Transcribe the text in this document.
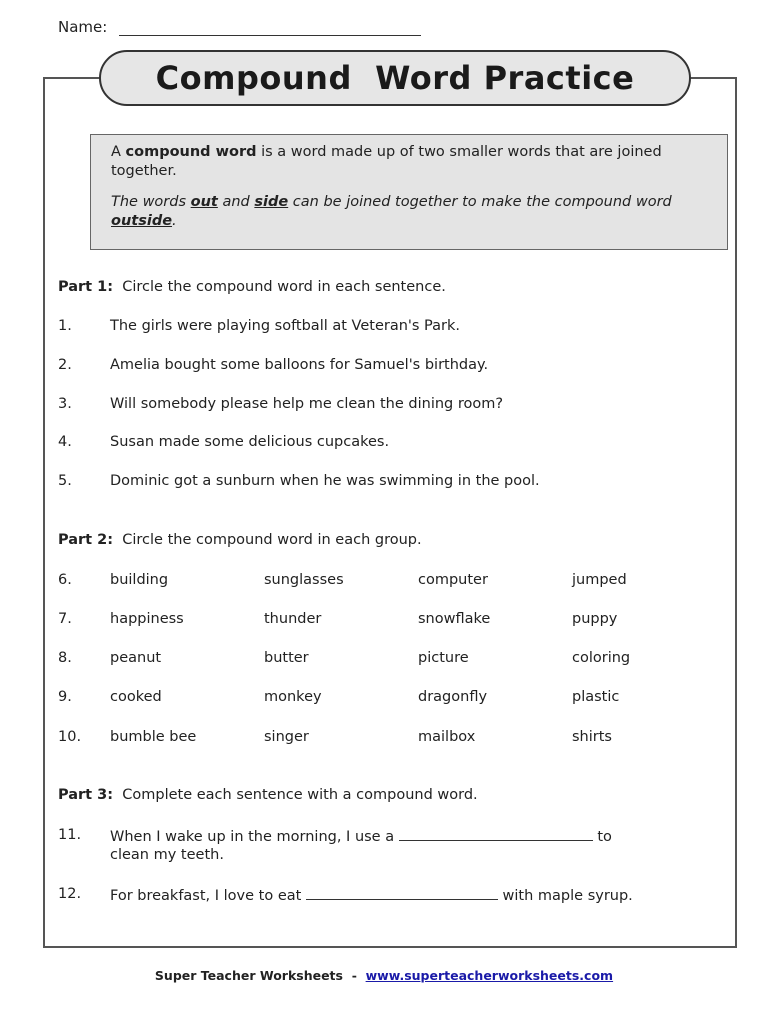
Name:
Compound  Word Practice

A compound word is a word made up of two smaller words that are joined together.

The words out and side can be joined together to make the compound word outside.

Part 1: Circle the compound word in each sentence.
1.	The girls were playing softball at Veteran's Park.
2.	Amelia bought some balloons for Samuel's birthday.
3.	Will somebody please help me clean the dining room?
4.	Susan made some delicious cupcakes.
5.	Dominic got a sunburn when he was swimming in the pool.
Part 2: Circle the compound word in each group.
6.	building	sunglasses	computer	jumped
7.	happiness	thunder	snowflake	puppy
8.	peanut	butter	picture	coloring
9.	cooked	monkey	dragonfly	plastic
10.	bumble bee	singer	mailbox	shirts
Part 3: Complete each sentence with a compound word.
11.	When I wake up in the morning, I use a	to
clean my teeth.
12.	For breakfast, I love to eat	with maple syrup.
Super Teacher Worksheets - www.superteacherworksheets.com
